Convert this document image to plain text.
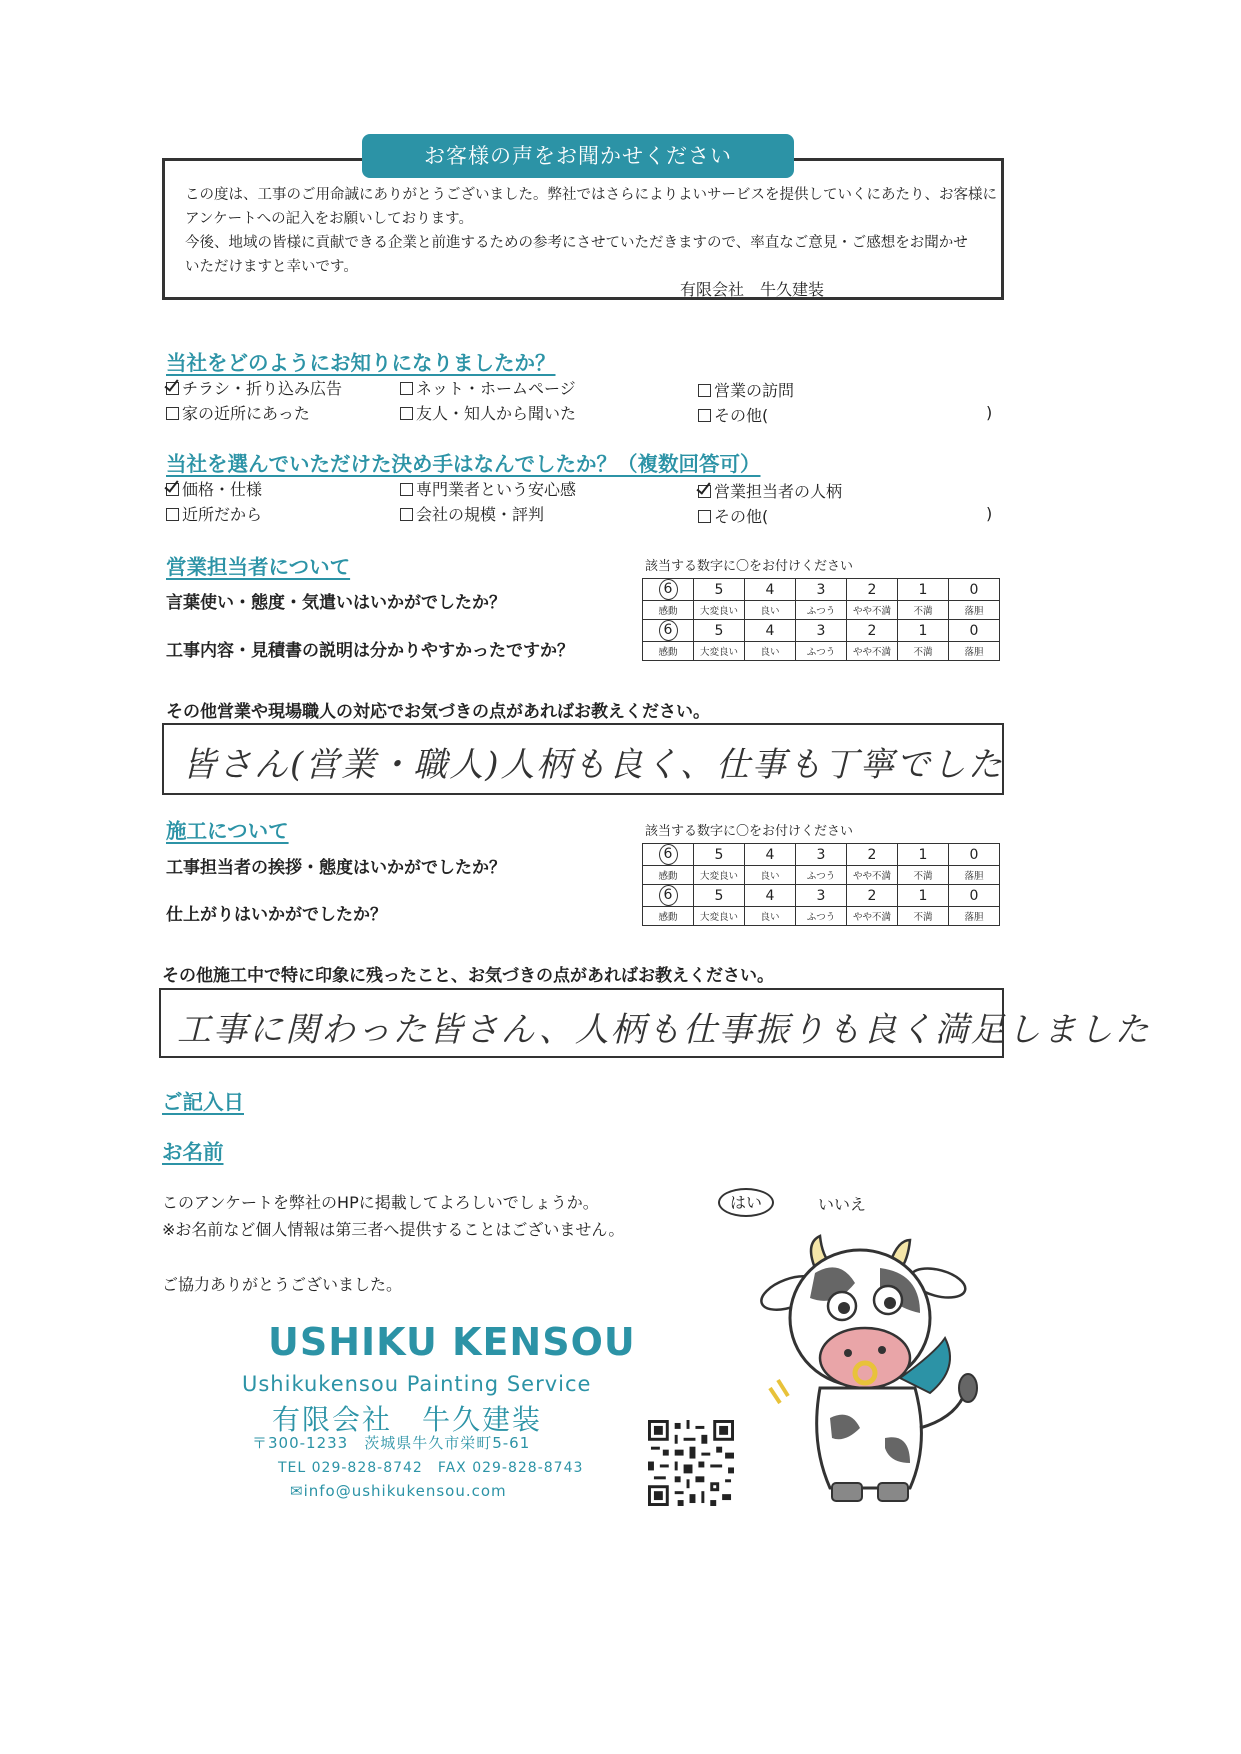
お客様の声をお聞かせください
この度は、工事のご用命誠にありがとうございました。弊社ではさらによりよいサービスを提供していくにあたり、お客様に
アンケートへの記入をお願いしております。
今後、地域の皆様に貢献できる企業と前進するための参考にさせていただきますので、率直なご意見・ご感想をお聞かせ
いただけますと幸いです。
有限会社　牛久建装
当社をどのようにお知りになりましたか？
チラシ・折り込み広告	ネット・ホームページ	営業の訪問
家の近所にあった	友人・知人から聞いた	その他(	)
当社を選んでいただけた決め手はなんでしたか？（複数回答可）
価格・仕様	専門業者という安心感	営業担当者の人柄
近所だから	会社の規模・評判	その他(	)
営業担当者について	該当する数字に〇をお付けください
言葉使い・態度・気遣いはいかがでしたか？
工事内容・見積書の説明は分かりやすかったですか？
6	5	4	3	2	1	0
感動	大変良い	良い	ふつう	やや不満	不満	落胆
6	5	4	3	2	1	0
感動	大変良い	良い	ふつう	やや不満	不満	落胆
その他営業や現場職人の対応でお気づきの点があればお教えください。
皆さん(営業・職人)人柄も良く、仕事も丁寧でした
施工について	該当する数字に〇をお付けください
工事担当者の挨拶・態度はいかがでしたか？
仕上がりはいかがでしたか？
6	5	4	3	2	1	0
感動	大変良い	良い	ふつう	やや不満	不満	落胆
6	5	4	3	2	1	0
感動	大変良い	良い	ふつう	やや不満	不満	落胆
その他施工中で特に印象に残ったこと、お気づきの点があればお教えください。
工事に関わった皆さん、人柄も仕事振りも良く満足しました
ご記入日
お名前
このアンケートを弊社のHPに掲載してよろしいでしょうか。
※お名前など個人情報は第三者へ提供することはございません。
はい	いいえ
ご協力ありがとうございました。
USHIKU KENSOU
Ushikukensou Painting Service
有限会社　牛久建装
〒300-1233　茨城県牛久市栄町5-61
TEL 029-828-8742　FAX 029-828-8743
✉info@ushikukensou.com
